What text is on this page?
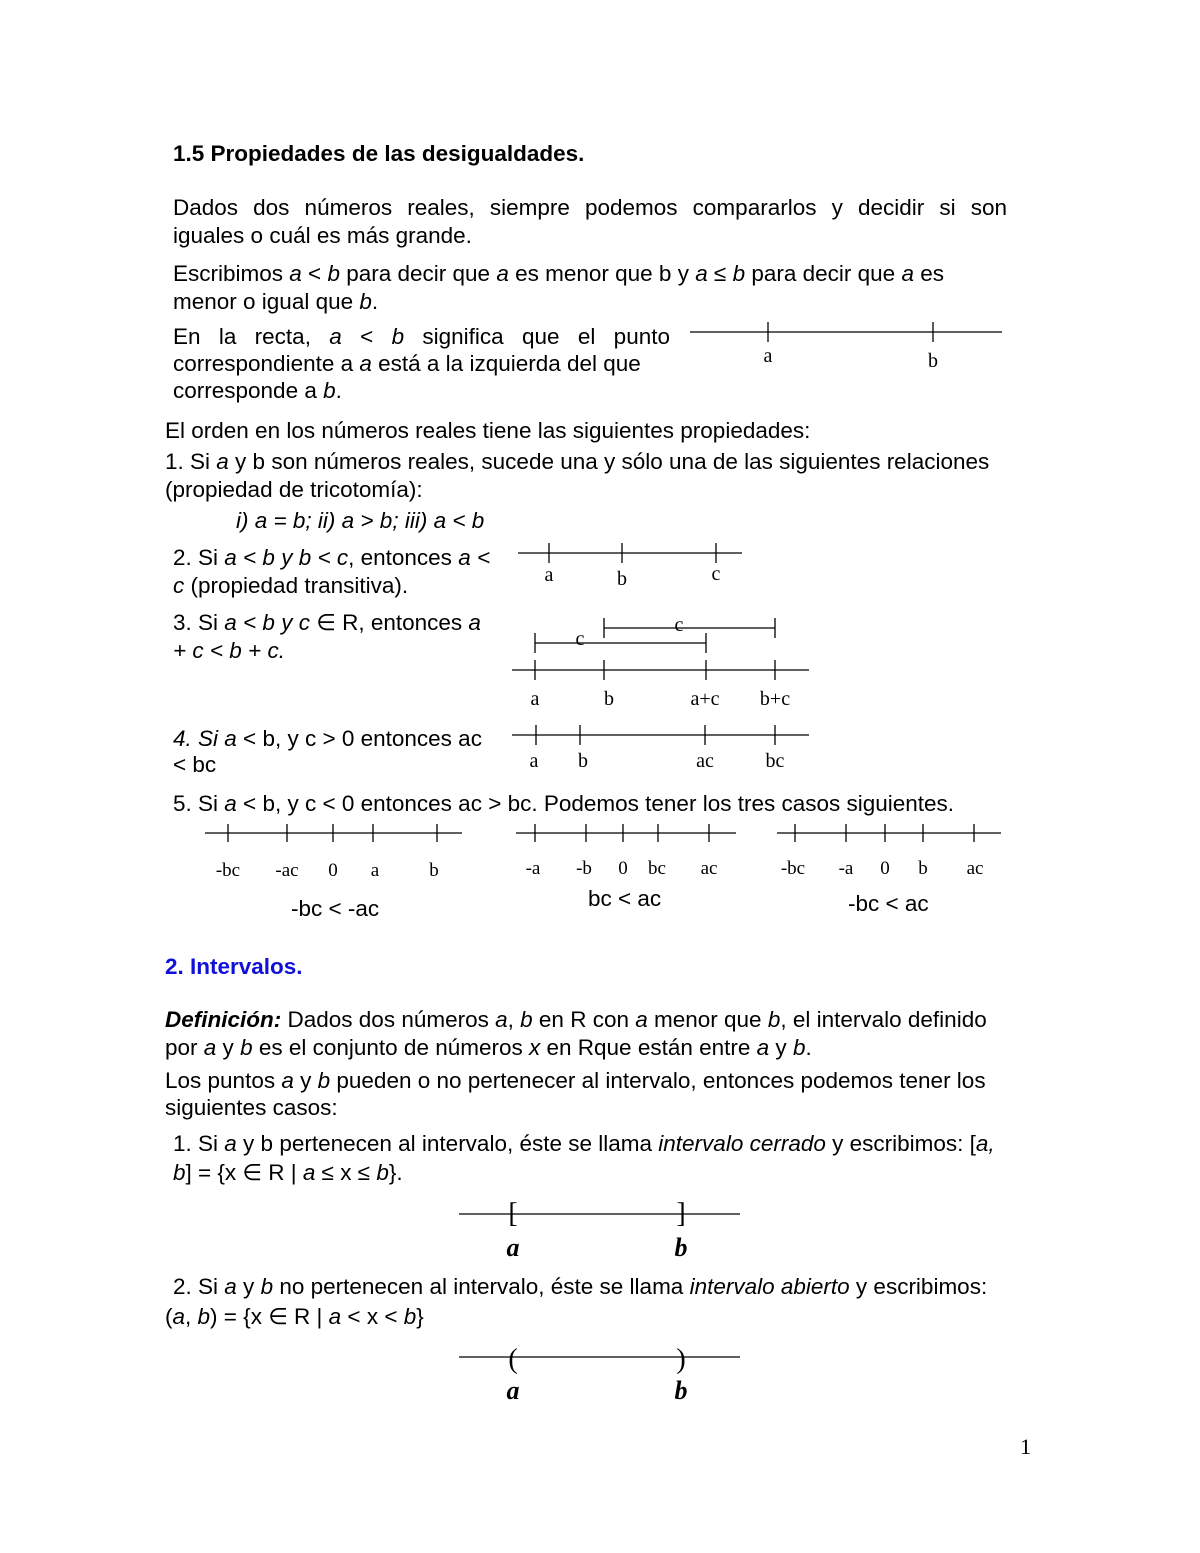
1.5 Propiedades de las desigualdades.
Dados dos números reales, siempre podemos compararlos y decidir si son
iguales o cuál es más grande.
Escribimos a < b para decir que a es menor que b y a ≤ b para decir que a es
menor o igual que b.
En la recta, a < b significa que el punto
correspondiente a a está a la izquierda del que
corresponde a b.
El orden en los números reales tiene las siguientes propiedades:
1. Si a y b son números reales, sucede una y sólo una de las siguientes relaciones
(propiedad de tricotomía):
i) a = b; ii) a > b; iii) a < b
2. Si a < b y b < c, entonces a <
c (propiedad transitiva).
3. Si a < b y c ∈ R, entonces a
+ c < b + c.
4. Si a < b, y c > 0 entonces ac
< bc
5. Si a < b, y c < 0 entonces ac > bc. Podemos tener los tres casos siguientes.
-bc < -ac	bc < ac	-bc < ac
2. Intervalos.
Definición: Dados dos números a, b en R con a menor que b, el intervalo definido
por a y b es el conjunto de números x en Rque están entre a y b.
Los puntos a y b pueden o no pertenecer al intervalo, entonces podemos tener los
siguientes casos:
1. Si a y b pertenecen al intervalo, éste se llama intervalo cerrado y escribimos: [a,
b] = {x ∈ R | a ≤ x ≤ b}.
2. Si a y b no pertenecen al intervalo, éste se llama intervalo abierto y escribimos:
(a, b) = {x ∈ R | a < x < b}
1
a	b
a	b	c
c
c
a	b	a+c b+c
a b	ac	bc
-bc -ac 0 a	b	-a -b 0 bc ac	-bc -a 0 b ac
[	]
a	b
(	)
a	b
